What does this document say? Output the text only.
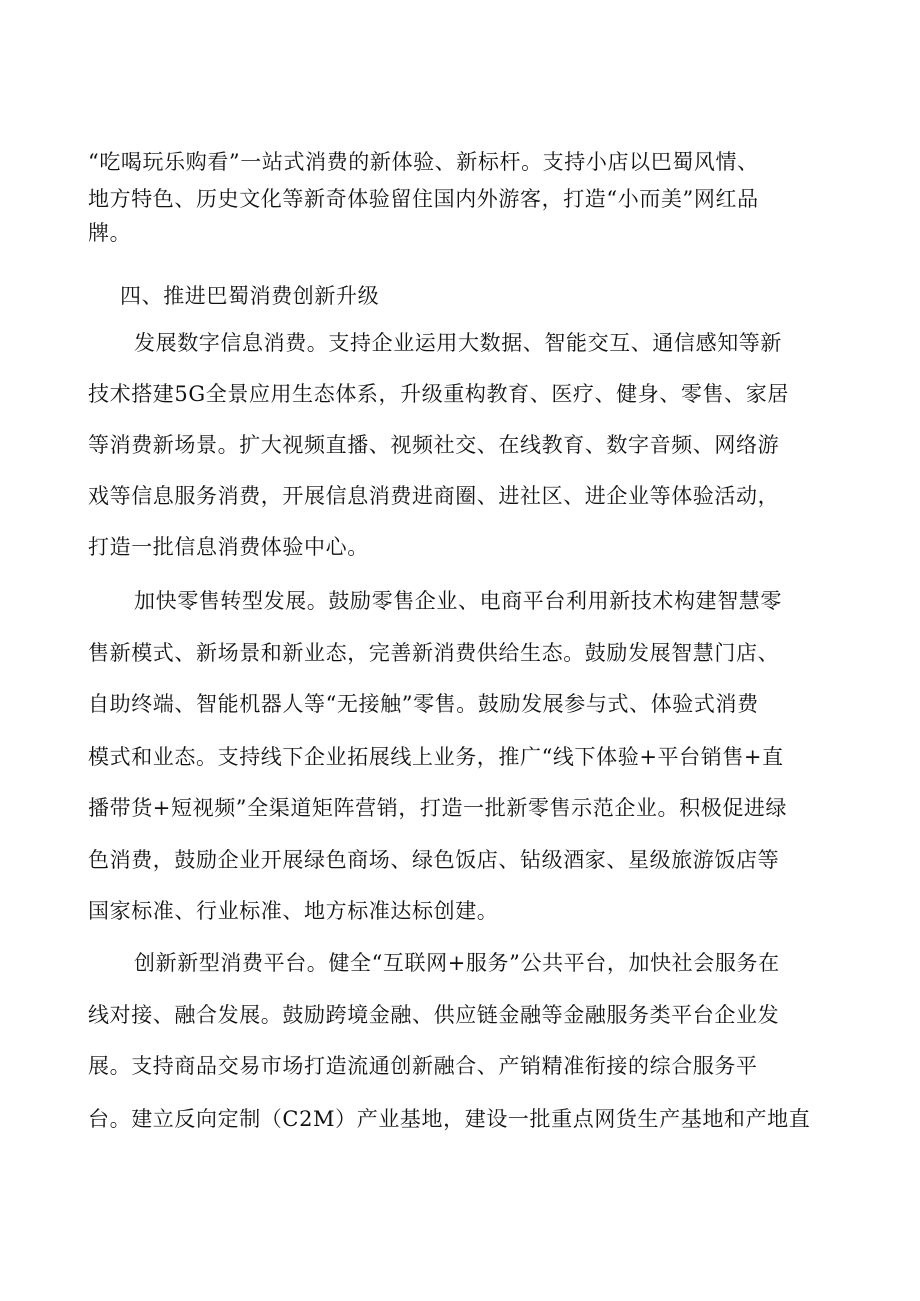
“吃喝玩乐购看”一站式消费的新体验、新标杆。支持小店以巴蜀风情、
地方特色、历史文化等新奇体验留住国内外游客，打造“小而美”网红品
牌。
四、推进巴蜀消费创新升级
发展数字信息消费。支持企业运用大数据、智能交互、通信感知等新
技术搭建5G全景应用生态体系，升级重构教育、医疗、健身、零售、家居
等消费新场景。扩大视频直播、视频社交、在线教育、数字音频、网络游
戏等信息服务消费，开展信息消费进商圈、进社区、进企业等体验活动，
打造一批信息消费体验中心。
加快零售转型发展。鼓励零售企业、电商平台利用新技术构建智慧零
售新模式、新场景和新业态，完善新消费供给生态。鼓励发展智慧门店、
自助终端、智能机器人等“无接触”零售。鼓励发展参与式、体验式消费
模式和业态。支持线下企业拓展线上业务，推广“线下体验+平台销售+直
播带货+短视频”全渠道矩阵营销，打造一批新零售示范企业。积极促进绿
色消费，鼓励企业开展绿色商场、绿色饭店、钻级酒家、星级旅游饭店等
国家标准、行业标准、地方标准达标创建。
创新新型消费平台。健全“互联网+服务”公共平台，加快社会服务在
线对接、融合发展。鼓励跨境金融、供应链金融等金融服务类平台企业发
展。支持商品交易市场打造流通创新融合、产销精准衔接的综合服务平
台。建立反向定制（C2M）产业基地，建设一批重点网货生产基地和产地直
